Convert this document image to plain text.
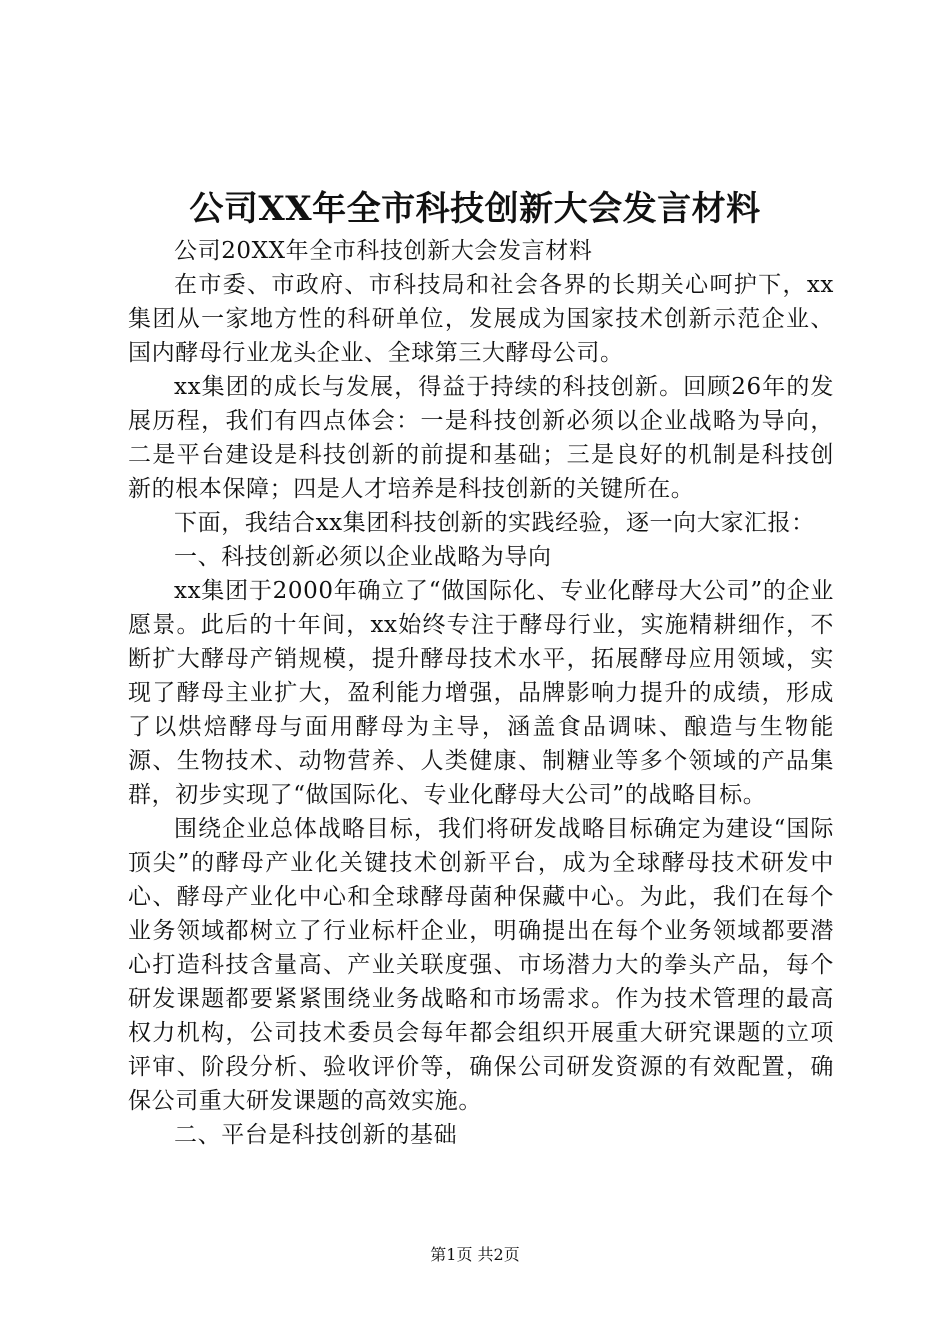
公司XX年全市科技创新大会发言材料

公司20XX年全市科技创新大会发言材料

在市委、市政府、市科技局和社会各界的长期关心呵护下，xx集团从一家地方性的科研单位，发展成为国家技术创新示范企业、国内酵母行业龙头企业、全球第三大酵母公司。

xx集团的成长与发展，得益于持续的科技创新。回顾26年的发展历程，我们有四点体会：一是科技创新必须以企业战略为导向，二是平台建设是科技创新的前提和基础；三是良好的机制是科技创新的根本保障；四是人才培养是科技创新的关键所在。

下面，我结合xx集团科技创新的实践经验，逐一向大家汇报：

一、科技创新必须以企业战略为导向

xx集团于2000年确立了“做国际化、专业化酵母大公司”的企业愿景。此后的十年间，xx始终专注于酵母行业，实施精耕细作，不断扩大酵母产销规模，提升酵母技术水平，拓展酵母应用领域，实现了酵母主业扩大，盈利能力增强，品牌影响力提升的成绩，形成了以烘焙酵母与面用酵母为主导，涵盖食品调味、酿造与生物能源、生物技术、动物营养、人类健康、制糖业等多个领域的产品集群，初步实现了“做国际化、专业化酵母大公司”的战略目标。

围绕企业总体战略目标，我们将研发战略目标确定为建设“国际顶尖”的酵母产业化关键技术创新平台，成为全球酵母技术研发中心、酵母产业化中心和全球酵母菌种保藏中心。为此，我们在每个业务领域都树立了行业标杆企业，明确提出在每个业务领域都要潜心打造科技含量高、产业关联度强、市场潜力大的拳头产品，每个研发课题都要紧紧围绕业务战略和市场需求。作为技术管理的最高权力机构，公司技术委员会每年都会组织开展重大研究课题的立项评审、阶段分析、验收评价等，确保公司研发资源的有效配置，确保公司重大研发课题的高效实施。

二、平台是科技创新的基础

第1页 共2页
